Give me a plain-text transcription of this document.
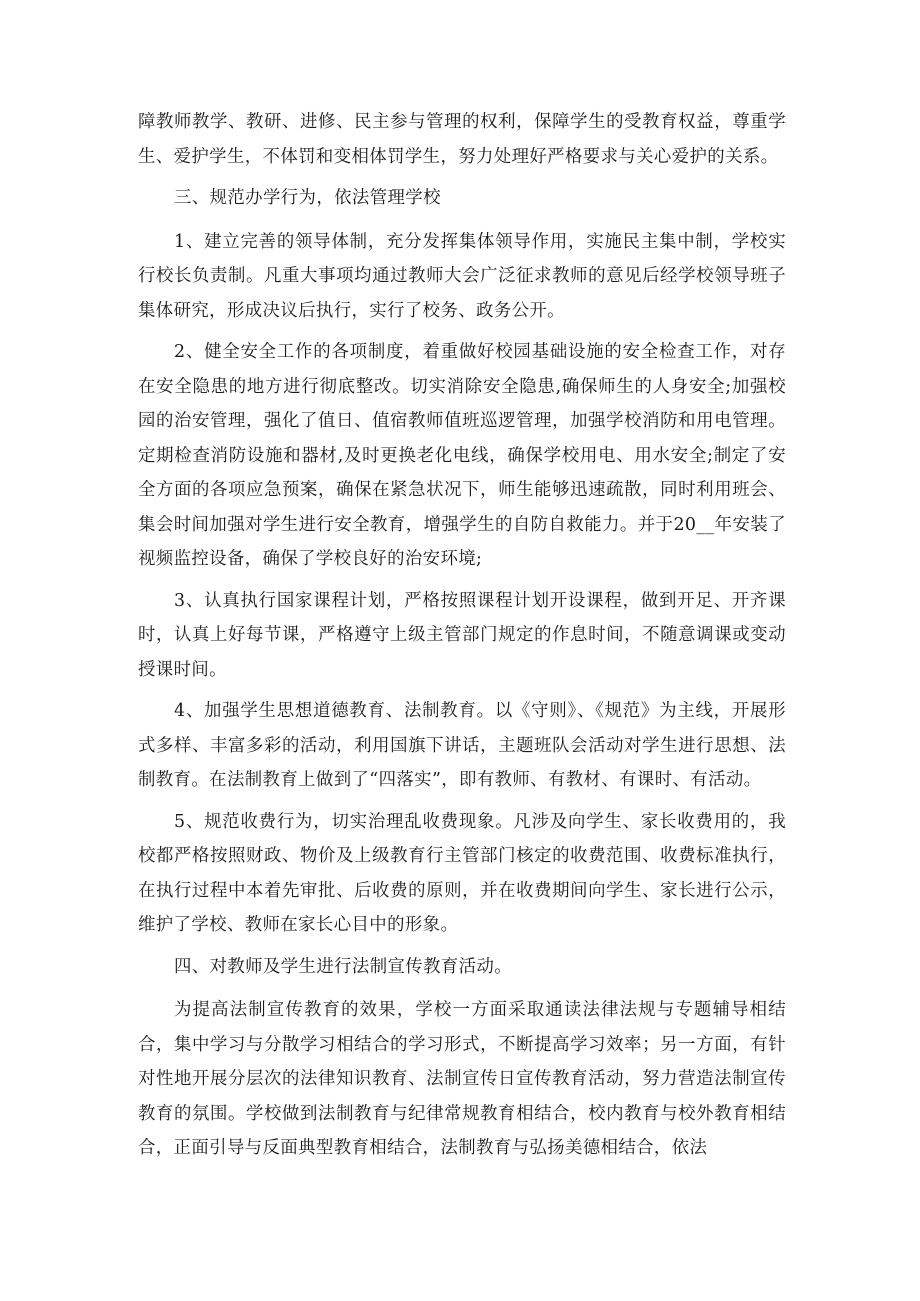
障教师教学、教研、进修、民主参与管理的权利，保障学生的受教育权益，尊重学生、爱护学生，不体罚和变相体罚学生，努力处理好严格要求与关心爱护的关系。

三、规范办学行为，依法管理学校

1、建立完善的领导体制，充分发挥集体领导作用，实施民主集中制，学校实行校长负责制。凡重大事项均通过教师大会广泛征求教师的意见后经学校领导班子集体研究，形成决议后执行，实行了校务、政务公开。

2、健全安全工作的各项制度，着重做好校园基础设施的安全检查工作，对存在安全隐患的地方进行彻底整改。切实消除安全隐患,确保师生的人身安全;加强校园的治安管理，强化了值日、值宿教师值班巡逻管理，加强学校消防和用电管理。定期检查消防设施和器材,及时更换老化电线，确保学校用电、用水安全;制定了安全方面的各项应急预案，确保在紧急状况下，师生能够迅速疏散，同时利用班会、集会时间加强对学生进行安全教育，增强学生的自防自救能力。并于20__年安装了视频监控设备，确保了学校良好的治安环境;

3、认真执行国家课程计划，严格按照课程计划开设课程，做到开足、开齐课时，认真上好每节课，严格遵守上级主管部门规定的作息时间，不随意调课或变动授课时间。

4、加强学生思想道德教育、法制教育。以《守则》、《规范》为主线，开展形式多样、丰富多彩的活动，利用国旗下讲话，主题班队会活动对学生进行思想、法制教育。在法制教育上做到了“四落实”，即有教师、有教材、有课时、有活动。

5、规范收费行为，切实治理乱收费现象。凡涉及向学生、家长收费用的，我校都严格按照财政、物价及上级教育行主管部门核定的收费范围、收费标准执行，在执行过程中本着先审批、后收费的原则，并在收费期间向学生、家长进行公示，维护了学校、教师在家长心目中的形象。

四、对教师及学生进行法制宣传教育活动。

为提高法制宣传教育的效果，学校一方面采取通读法律法规与专题辅导相结合，集中学习与分散学习相结合的学习形式，不断提高学习效率；另一方面，有针对性地开展分层次的法律知识教育、法制宣传日宣传教育活动，努力营造法制宣传教育的氛围。学校做到法制教育与纪律常规教育相结合，校内教育与校外教育相结合，正面引导与反面典型教育相结合，法制教育与弘扬美德相结合，依法
